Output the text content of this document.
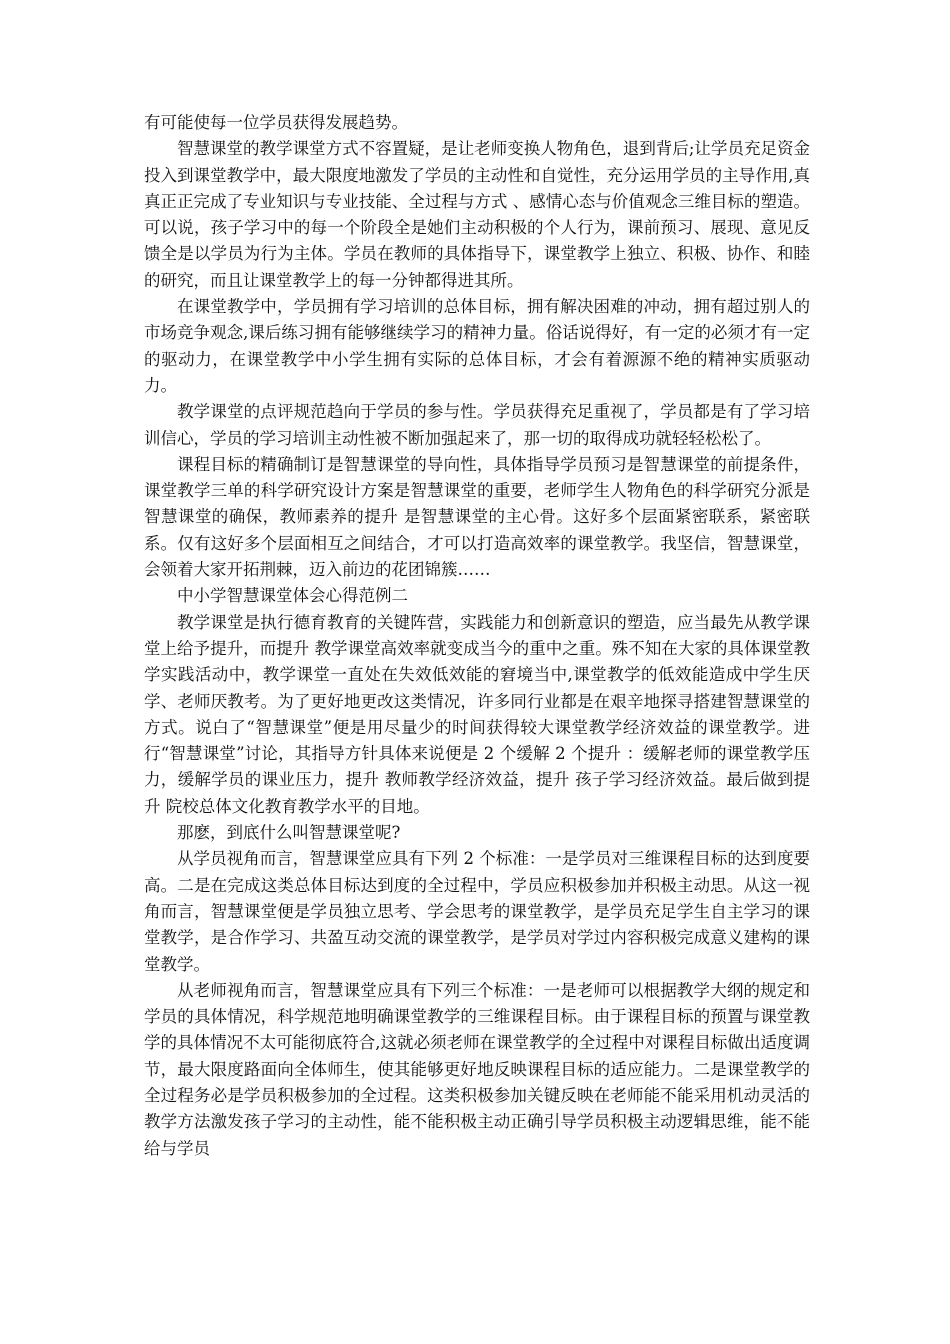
有可能使每一位学员获得发展趋势。

智慧课堂的教学课堂方式不容置疑，是让老师变换人物角色，退到背后;让学员充足资金投入到课堂教学中，最大限度地激发了学员的主动性和自觉性，充分运用学员的主导作用,真真正正完成了专业知识与专业技能、全过程与方式 、感情心态与价值观念三维目标的塑造。可以说，孩子学习中的每一个阶段全是她们主动积极的个人行为，课前预习、展现、意见反馈全是以学员为行为主体。学员在教师的具体指导下，课堂教学上独立、积极、协作、和睦的研究，而且让课堂教学上的每一分钟都得进其所。

在课堂教学中，学员拥有学习培训的总体目标，拥有解决困难的冲动，拥有超过别人的市场竞争观念,课后练习拥有能够继续学习的精神力量。俗话说得好，有一定的必须才有一定的驱动力，在课堂教学中小学生拥有实际的总体目标，才会有着源源不绝的精神实质驱动力。

教学课堂的点评规范趋向于学员的参与性。学员获得充足重视了，学员都是有了学习培训信心，学员的学习培训主动性被不断加强起来了，那一切的取得成功就轻轻松松了。

课程目标的精确制订是智慧课堂的导向性，具体指导学员预习是智慧课堂的前提条件，课堂教学三单的科学研究设计方案是智慧课堂的重要，老师学生人物角色的科学研究分派是智慧课堂的确保，教师素养的提升 是智慧课堂的主心骨。这好多个层面紧密联系，紧密联系。仅有这好多个层面相互之间结合，才可以打造高效率的课堂教学。我坚信，智慧课堂，会领着大家开拓荆棘，迈入前边的花团锦簇……

中小学智慧课堂体会心得范例二

教学课堂是执行德育教育的关键阵营，实践能力和创新意识的塑造，应当最先从教学课堂上给予提升，而提升 教学课堂高效率就变成当今的重中之重。殊不知在大家的具体课堂教学实践活动中，教学课堂一直处在失效低效能的窘境当中,课堂教学的低效能造成中学生厌学、老师厌教考。为了更好地更改这类情况，许多同行业都是在艰辛地探寻搭建智慧课堂的方式。说白了“智慧课堂”便是用尽量少的时间获得较大课堂教学经济效益的课堂教学。进行“智慧课堂”讨论，其指导方针具体来说便是 2 个缓解 2 个提升 ：缓解老师的课堂教学压力，缓解学员的课业压力，提升 教师教学经济效益，提升 孩子学习经济效益。最后做到提升 院校总体文化教育教学水平的目地。

那麽，到底什么叫智慧课堂呢?

从学员视角而言，智慧课堂应具有下列 2 个标准：一是学员对三维课程目标的达到度要高。二是在完成这类总体目标达到度的全过程中，学员应积极参加并积极主动思。从这一视角而言，智慧课堂便是学员独立思考、学会思考的课堂教学，是学员充足学生自主学习的课堂教学，是合作学习、共盈互动交流的课堂教学，是学员对学过内容积极完成意义建构的课堂教学。

从老师视角而言，智慧课堂应具有下列三个标准：一是老师可以根据教学大纲的规定和学员的具体情况，科学规范地明确课堂教学的三维课程目标。由于课程目标的预置与课堂教学的具体情况不太可能彻底符合,这就必须老师在课堂教学的全过程中对课程目标做出适度调节，最大限度路面向全体师生，使其能够更好地反映课程目标的适应能力。二是课堂教学的全过程务必是学员积极参加的全过程。这类积极参加关键反映在老师能不能采用机动灵活的教学方法激发孩子学习的主动性，能不能积极主动正确引导学员积极主动逻辑思维，能不能给与学员
